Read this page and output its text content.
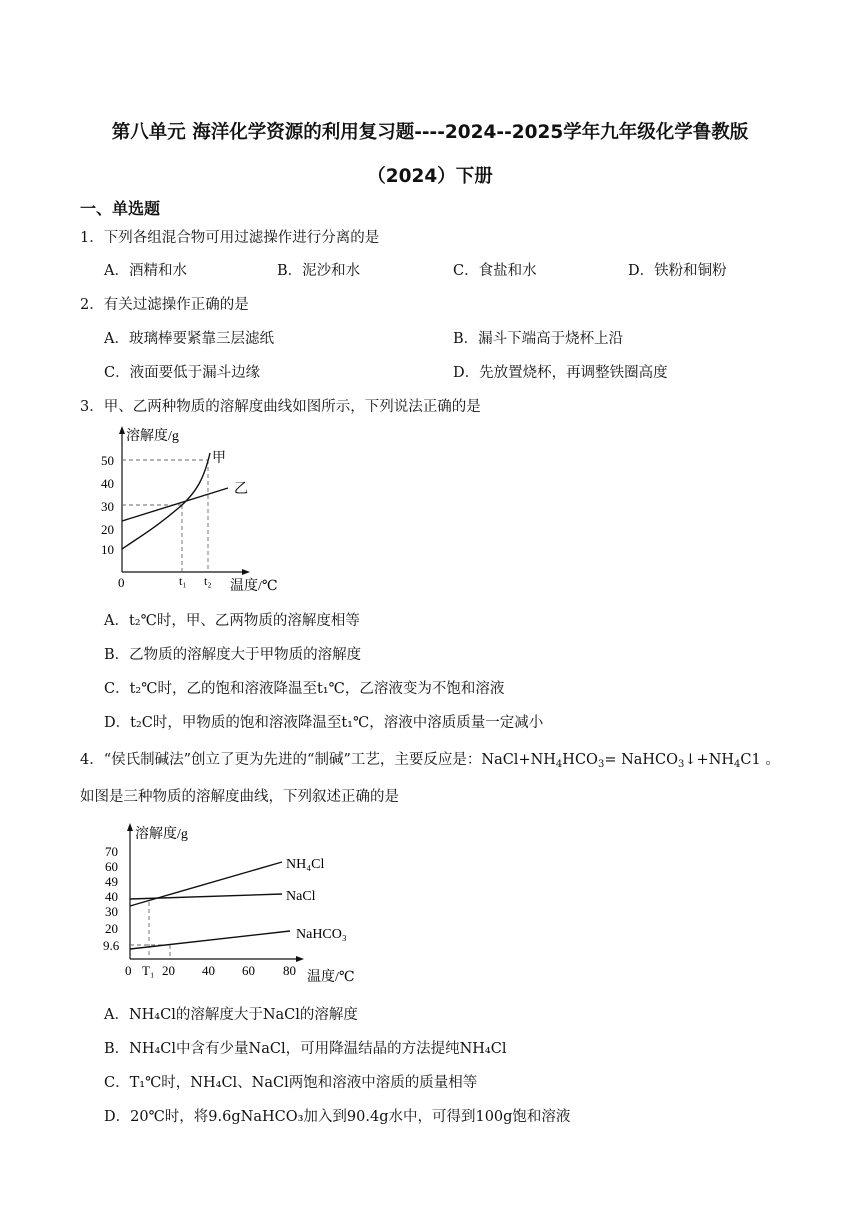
第八单元 海洋化学资源的利用复习题----2024--2025学年九年级化学鲁教版
（2024）下册
一、单选题
1．下列各组混合物可用过滤操作进行分离的是
A．酒精和水	B．泥沙和水	C．食盐和水	D．铁粉和铜粉
2．有关过滤操作正确的是
A．玻璃棒要紧靠三层滤纸	B．漏斗下端高于烧杯上沿
C．液面要低于漏斗边缘	D．先放置烧杯，再调整铁圈高度
3．甲、乙两种物质的溶解度曲线如图所示，下列说法正确的是
溶解度/g
温度/℃
50
40
30
20
10
0	t₁ t₂
甲
乙
A．t₂℃时，甲、乙两物质的溶解度相等
B．乙物质的溶解度大于甲物质的溶解度
C．t₂℃时，乙的饱和溶液降温至t₁℃，乙溶液变为不饱和溶液
D．t₂C时，甲物质的饱和溶液降温至t₁℃，溶液中溶质质量一定减小
4．“侯氏制碱法”创立了更为先进的“制碱”工艺，主要反应是：$NaCl+NH_4HCO_3=$ $NaHCO_3↓+NH_4C1$ 。
如图是三种物质的溶解度曲线，下列叙述正确的是
溶解度/g
温度/℃
70
60
49
40
30
20
9.6
0 T₁ 20 40 60 80
NH₄Cl
NaCl
NaHCO₃
A．NH₄Cl的溶解度大于NaCl的溶解度
B．NH₄Cl中含有少量NaCl，可用降温结晶的方法提纯NH₄Cl
C．T₁℃时，NH₄Cl、NaCl两饱和溶液中溶质的质量相等
D．20℃时，将9.6gNaHCO₃加入到90.4g水中，可得到100g饱和溶液
